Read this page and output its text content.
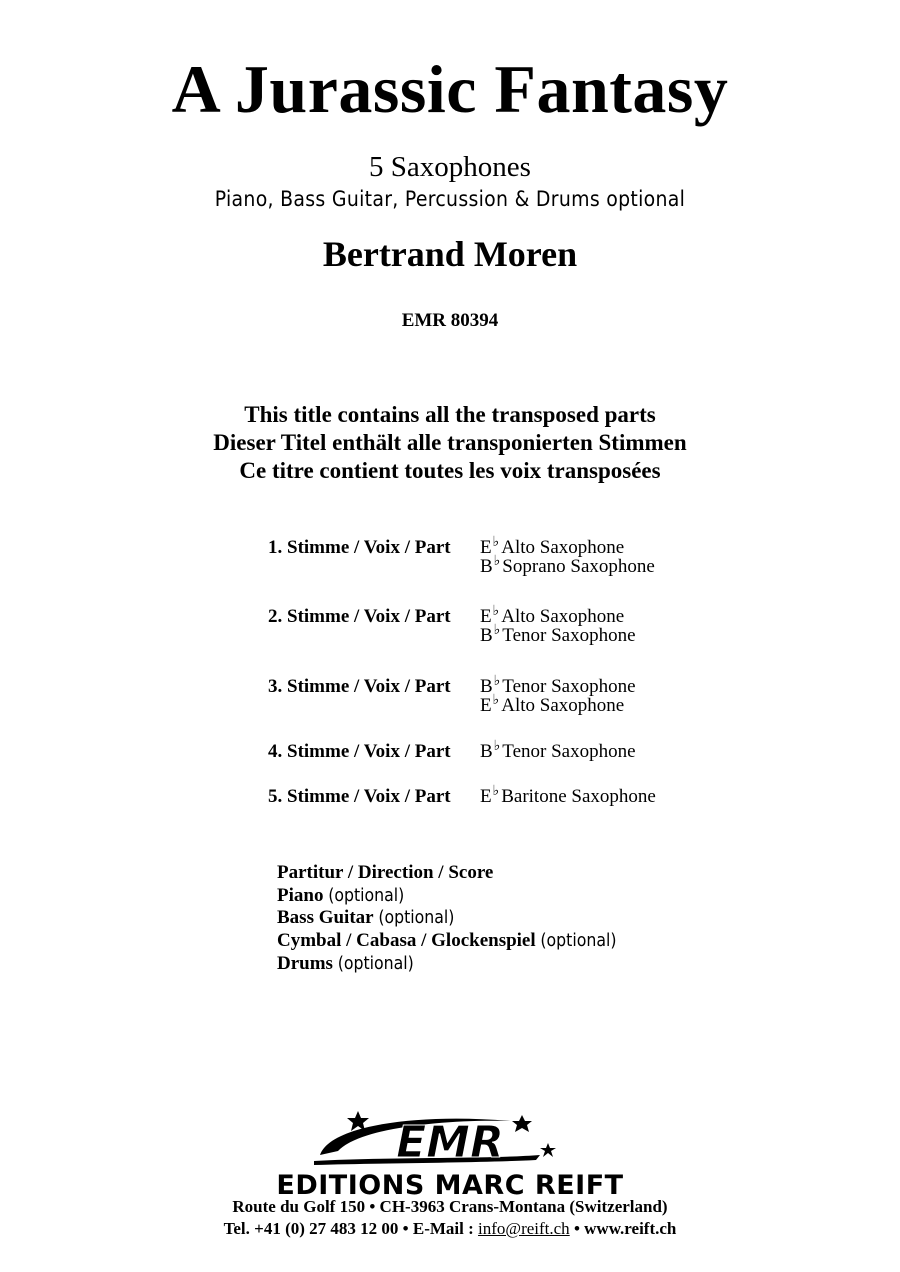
A Jurassic Fantasy
5 Saxophones
Piano, Bass Guitar, Percussion & Drums optional
Bertrand Moren
EMR 80394
This title contains all the transposed parts
Dieser Titel enthält alle transponierten Stimmen
Ce titre contient toutes les voix transposées
1. Stimme / Voix / Part E♭ Alto Saxophone
B♭ Soprano Saxophone
2. Stimme / Voix / Part E♭ Alto Saxophone
B♭ Tenor Saxophone
3. Stimme / Voix / Part B♭ Tenor Saxophone
E♭ Alto Saxophone
4. Stimme / Voix / Part B♭ Tenor Saxophone
5. Stimme / Voix / Part E♭ Baritone Saxophone
Partitur / Direction / Score
Piano (optional)
Bass Guitar (optional)
Cymbal / Cabasa / Glockenspiel (optional)
Drums (optional)
EMR
EDITIONS MARC REIFT
Route du Golf 150 • CH-3963 Crans-Montana (Switzerland)
Tel. +41 (0) 27 483 12 00 • E-Mail : info@reift.ch • www.reift.ch
